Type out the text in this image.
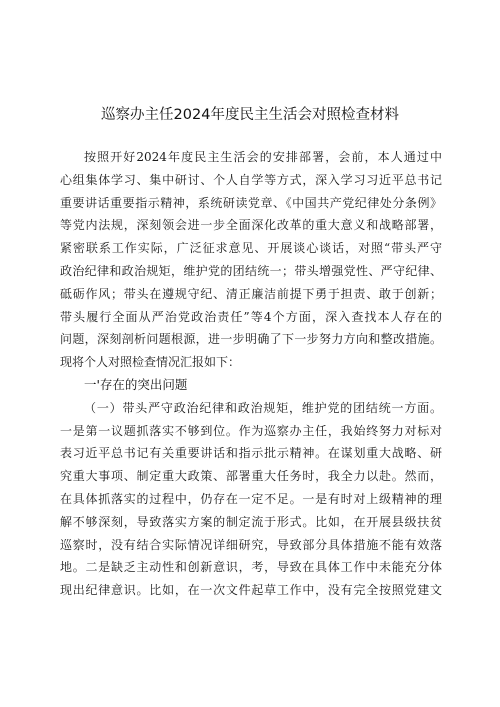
巡察办主任2024年度民主生活会对照检查材料
按照开好2024年度民主生活会的安排部署，会前，本人通过中
心组集体学习、集中研讨、个人自学等方式，深入学习习近平总书记
重要讲话重要指示精神，系统研读党章、《中国共产党纪律处分条例》
等党内法规，深刻领会进一步全面深化改革的重大意义和战略部署，
紧密联系工作实际，广泛征求意见、开展谈心谈话，对照“带头严守
政治纪律和政治规矩，维护党的团结统一；带头增强党性、严守纪律、
砥砺作风；带头在遵规守纪、清正廉洁前提下勇于担责、敢于创新；
带头履行全面从严治党政治责任”等4个方面，深入查找本人存在的
问题，深刻剖析问题根源，进一步明确了下一步努力方向和整改措施。
现将个人对照检查情况汇报如下：
一'存在的突出问题
（一）带头严守政治纪律和政治规矩，维护党的团结统一方面。
一是第一议题抓落实不够到位。作为巡察办主任，我始终努力对标对
表习近平总书记有关重要讲话和指示批示精神。在谋划重大战略、研
究重大事项、制定重大政策、部署重大任务时，我全力以赴。然而，
在具体抓落实的过程中，仍存在一定不足。一是有时对上级精神的理
解不够深刻，导致落实方案的制定流于形式。比如，在开展县级扶贫
巡察时，没有结合实际情况详细研究，导致部分具体措施不能有效落
地。二是缺乏主动性和创新意识，考，导致在具体工作中未能充分体
现出纪律意识。比如，在一次文件起草工作中，没有完全按照党建文
